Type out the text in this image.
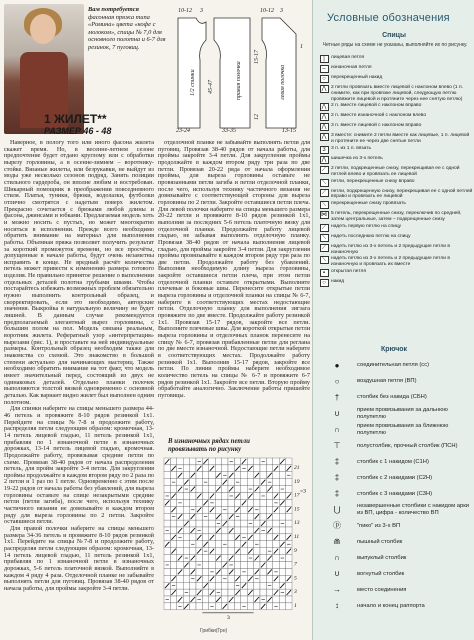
Вам потребуется
фасонная пряжа типа «Ромина» цвета «кофе с молоком», спицы № 7,0 для основного полотна и 6-7 для резинок, 7 пуговиц.
10-12 3	10-12 3
23-24	33-35	13-15
1
1/2 спинки 45-47	правая полочка
15-17
левая полочка
12
1 ЖИЛЕТ**
РАЗМЕР 46 - 48

Наверное, в пологу того или иного фасона жилета скажет время. Но, в весенне-летнем сезоне предпочтение будет отдано круглому или с обработки вырезу горловины, а в осенне-зимнем – воротнику-стойке. Вязаные жилеты, или безрукавки, не выйдут из моды уже несколько сезонов подряд. Занять позиции стильного гардероба, он вполне любим и востребован. Шикарный помощник в преображении повседневного стиля. Платья, туники, брюки, водолазки, футболки отлично смотрятся с надетым поверх жилетом. Прекрасно сочетается с брюками любой длины и фасона, джинсами и юбками. Предлагаемая модель хоть и можно носить с пустых, но может многократно носиться в исполнении. Прежде всего необходимо обратить внимание на материал для выполнения работы. Объемная пряжа позволяет получить результат за короткий промежуток времени, но все просчёты, допущенные в начале работы, будут очень незаметны исправить в конце. Не вредный расчёт количества петель может привести к изменению размера готового изделия. Не правильно принятое решение о выполнении отдельных деталей полотна грубыми швами. Чтобы постарайтесь избежать возможных проблем обязательно нужно выполнить контрольный образец, и скорректировать, если это необходимо, авторские значения. Выкройка в натуральную величину не будет лишней. В данным случае рекомендуется предполагаемый элегантный вырез горловины, с большим полом на пол. Модель связана реальным, воротник жилета. Рефератный узор «интерпретация» вырезами (рис. 1), и проставьте на ней индивидуальные размеры. Контрольный образец необходим также для знакомства со схемой. Это знакомство в большой степени актуально для начинающих мастериц. Также необходимо обратить внимание на тот факт, что модель имеет значительный перед, состоящий из двух не одинаковых деталей. Отдельно планки полочек выполняются толстой вязкой одновременно с основной деталью. Как вариант видно жилет был выполнен одним полотном.

Для спинки наберите на спицы меньшего размера 44-46 петель и провяжите 8-10 рядов резинкой 1х1. Перейдите на спицы №7-8 и продолжите работу, распределяя петли следующим образом: кромочная, 13-14 петель лицевой гладью, 11 петель резинкой 1х1, прибавляя по 1 изнаночной петле в изнаночных дорожках, 13-14 петель лицевой гладью, кромочная. Продолжайте работу, провязывая средние петли по схеме. Провязав 38-40 рядов от начала распределения петель, для пройм закройте 3-4 петли. Для закругления проймы продолжайте в каждом втором ряду по 2 раза по 2 петли и 1 раз по 1 петле. Одновременно с этим после 19-22 рядов от начала работы без убавлений, для выреза горловины оставьте на спице незакрытыми средние петли (петли загиба), после чего, используя технику частичного вязания не довязывайте в каждом втором ряду для выреза горловины по 2 петли. Закройте оставшиеся петли.

Для правой полочки наберите на спицы меньшего размера 34-36 петель и провяжите 8-10 рядов резинкой 1х1. Перейдите на спицы №7-8 и продолжите работу, распределяя петли следующим образом: кромочная, 13-14 петель лицевой гладью, 11 петель резинкой 1х1, прибавляя по 1 изнаночной петле в изнаночных дорожках, 5-6 петель платочной вязкой. Выполняйте в каждом 4 ряду 4 раза. Отделочной планке не забывайте выполнять петли для пуговиц. Провязав 38-40 рядов от начала работы, для проймы закройте 3-4 петли.

отделочной планке не забывайте выполнять петли для пуговиц. Провязав 38-40 рядов от начала работы, для проймы закройте 3-4 петли. Для закругления проймы продолжайте в каждом втором ряду три раза по две петли. Провязав 20-22 ряда от начала оформления проймы, для выреза горловины оставьте не провязанными петли загиба и петли отделочной планки, после чего, используя технику частичного вязания не довязывайте с соответствующей стороны для выреза горловины по 2 петли. Закройте оставшиеся петли плеча. Для левой полочки наберите на спицы меньшего размера 20-22 петли и провяжите 8-10 рядов резинкой 1х1, выполнив за последних 5-6 петель платочную вязку для отделочной планки. Продолжайте работу лицевой гладью, не забывая выполнять отделочную планку. Провязав 38-40 рядов от начала выполнения лицевой гладью, для проймы закройте 3-4 петли. Для закругления проймы провязывайте в каждом втором ряду три раза по две петли. Продолжайте работу без убавлений. Выполнив необходимую длину выреза горловины, закройте оставшиеся петли плеча, при этом петли отделочной планки оставьте открытыми. Выполните плечевые и боковые швы. Перенесите открытые петли выреза горловины и отделочной планки на спицы № 6-7, наберите в соответствующих местах недостающие петли. Отделочную планку для выполнения зигзага провяжите по две вместе. Продолжайте работу резинкой 1х1. Провязав 15-17 рядов, закройте все петли. Выполните плечевые швы. Для короткой открытые петли выреза горловины и отделочных планок перенесите на спицу № 6-7, провязав прибавленные петли для реглана по две вместе изнаночной. Недостающие петли наберите в соответствующих местах. Продолжайте работу резинкой 1х1. Выполнив 15-17 рядов, закройте все петли. По линии проймы наберите необходимое количество петель на спицы № 6-7 и провяжите 6-7 рядов резинкой 1х1. Закройте все петли. Вторую пройму обработайте аналогично. Заключение работы пришейте пуговицы.

В изнаночных рядах петли провязывать по рисунку
21
19
17
15
13
11
9
7
5
3
1
3
=3
Грибки(Грн)
Условные обозначения
Спицы
Четные ряды на схеме не указаны, выполняйте их по рисунку.
|	лицевая петля
–	изнаночная петля
○	перекрещенный накид
⋀ 2 петли провязать вместе лицевой с наклоном влево (1 п. снимите, как при провязке лицевой, следующую петлю провяжите лицевой и протяните через нее снятую петлю)
⋀ 2 п. вместе лицевой с наклоном вправо
⋀ 2 п. вместе изнаночной с наклоном влево
⋀ 3 п. вместе лицевой с наклоном вправо
⋀ 3 вместе: снимите 2 петли вместе как лицевые, 1 п. лицевой и протяните ее через две снятые петли
3	3 п. из 1 п. вязать
⋀ шишечка из 3-х петель
⟋	2 петли, подкрещенные снизу, перекрещивая ее с одной петлей влево и провязать ее лицевой
⟍	петли, перекрещенные снизу вправо
⟋	петли, подкрещенную снизу, перекрещивая ее с одной петлей вправо и провязать ее лицевой
⟍	перекрещенные снизу провязать
⋈ 5 петель, перекрещенные снизу, переключив по средней, затем центральные, затем – подкрещенные снизу
⟋	надеть первую петлю на спицу
⟍	надеть последнюю петлю на спицу
⟋	надеть петлю из 3-х петель и 2 предыдущие петли в изнаночную
⟍	надеть петлю из 3-х петель и 2 предыдущие петли в изнаночную и провязать их вместе
▪	открытая петля
○	накид
Крючок
●	соединительная петля (сс)
○	воздушная петля (ВП)
†	столбик без накида (СБН)
∪	прием провязывания за дальнюю полупетлю
∩	прием провязывания за ближнюю полупетлю
⊤	полустолбик, прочный столбик (ПСН)
‡	столбик с 1 накидом (С1Н)
‡	столбик с 2 накидами (С2Н)
‡	столбик с 3 накидами (С3Н)
⋃	незавершенные столбики с накидом арки из ВП, цифра - количество ВП
ⓟ	"пико" из 3-х ВП
⋒	пышный столбик
∩	выпуклый столбик
∪	вогнутый столбик
→	место соединения
↕	начало и конец раппорта
